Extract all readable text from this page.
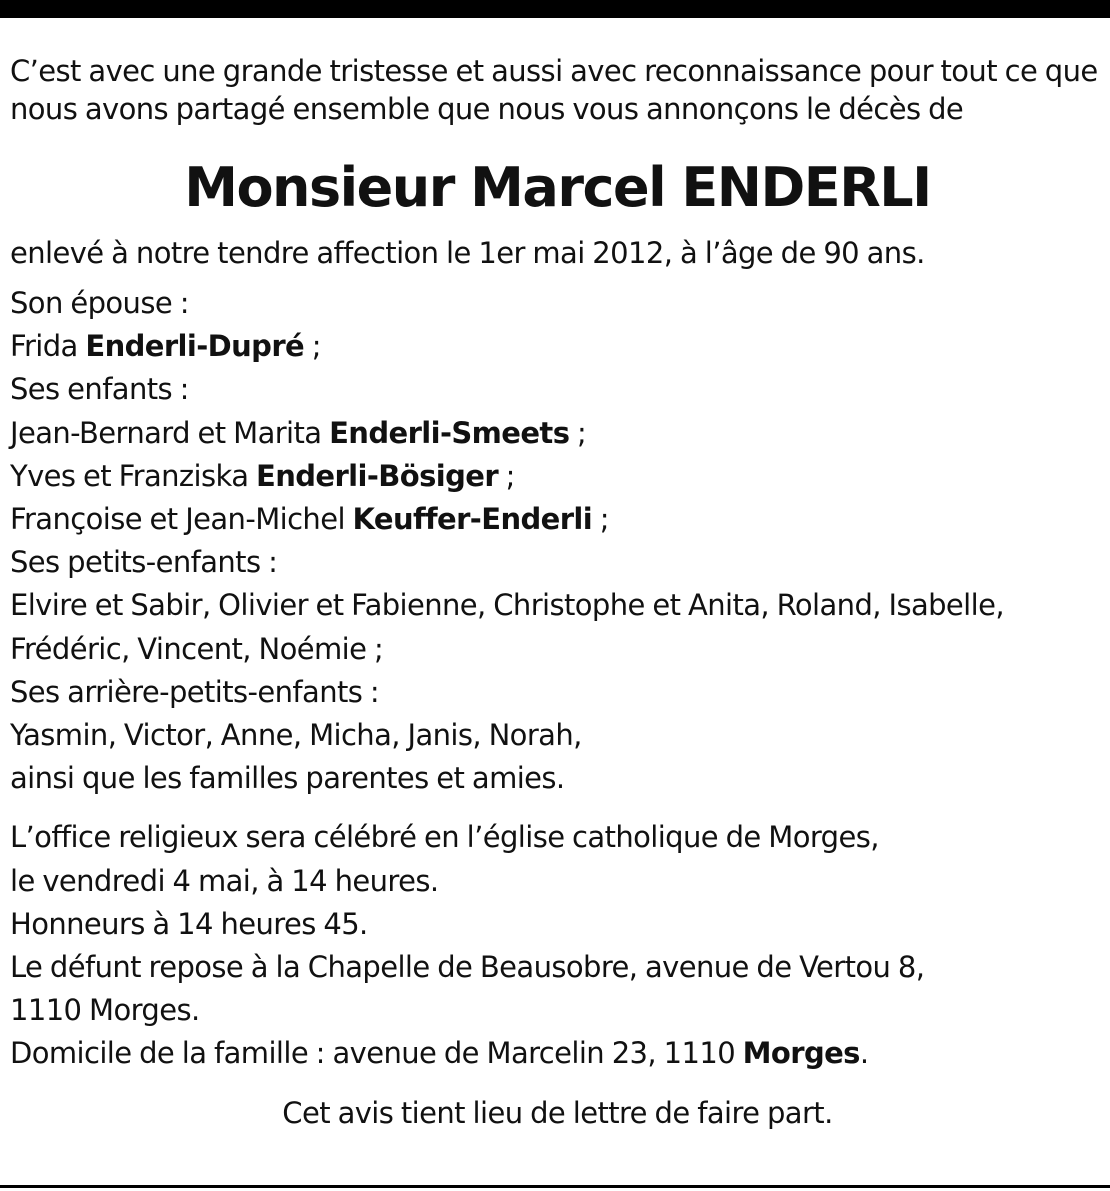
C’est avec une grande tristesse et aussi avec reconnaissance pour tout ce que nous avons partagé ensemble que nous vous annonçons le décès de

Monsieur Marcel ENDERLI

enlevé à notre tendre affection le 1er mai 2012, à l’âge de 90 ans.

Son épouse :
Frida Enderli-Dupré ;
Ses enfants :
Jean-Bernard et Marita Enderli-Smeets ;
Yves et Franziska Enderli-Bösiger ;
Françoise et Jean-Michel Keuffer-Enderli ;
Ses petits-enfants :
Elvire et Sabir, Olivier et Fabienne, Christophe et Anita, Roland, Isabelle,
Frédéric, Vincent, Noémie ;
Ses arrière-petits-enfants :
Yasmin, Victor, Anne, Micha, Janis, Norah,
ainsi que les familles parentes et amies.
L’office religieux sera célébré en l’église catholique de Morges,
le vendredi 4 mai, à 14 heures.
Honneurs à 14 heures 45.
Le défunt repose à la Chapelle de Beausobre, avenue de Vertou 8,
1110 Morges.
Domicile de la famille : avenue de Marcelin 23, 1110 Morges.

Cet avis tient lieu de lettre de faire part.
